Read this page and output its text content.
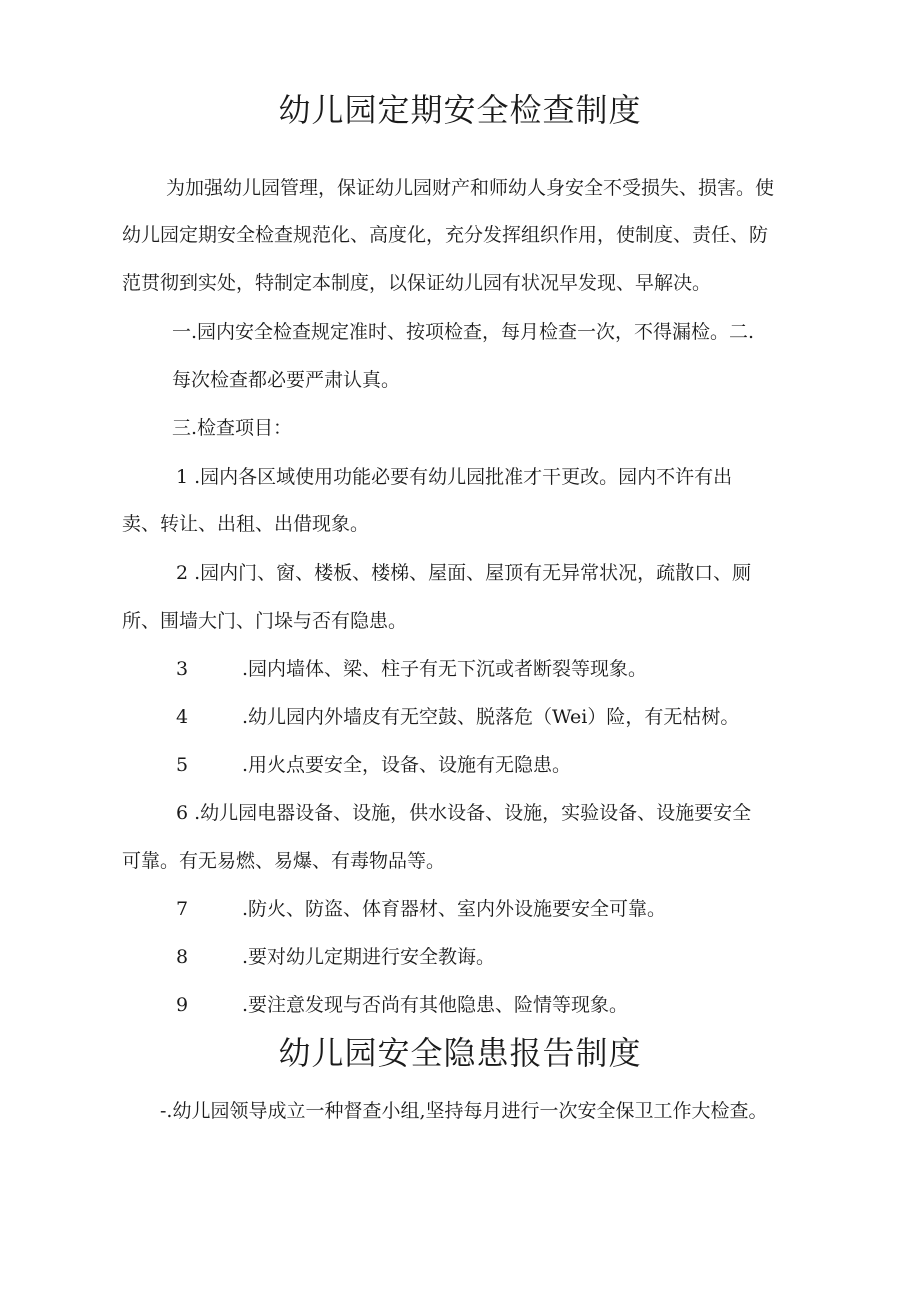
幼儿园定期安全检查制度
为加强幼儿园管理，保证幼儿园财产和师幼人身安全不受损失、损害。使
幼儿园定期安全检查规范化、高度化，充分发挥组织作用，使制度、责任、防
范贯彻到实处，特制定本制度，以保证幼儿园有状况早发现、早解决。
一.园内安全检查规定准时、按项检查，每月检查一次，不得漏检。二.
每次检查都必要严肃认真。
三.检查项目：
1 .园内各区域使用功能必要有幼儿园批准才干更改。园内不许有出
卖、转让、出租、出借现象。
2 .园内门、窗、楼板、楼梯、屋面、屋顶有无异常状况，疏散口、厕
所、围墙大门、门垛与否有隐患。
3	.园内墙体、梁、柱子有无下沉或者断裂等现象。
4	.幼儿园内外墙皮有无空鼓、脱落危（Wei）险，有无枯树。
5	.用火点要安全，设备、设施有无隐患。
6 .幼儿园电器设备、设施，供水设备、设施，实验设备、设施要安全
可靠。有无易燃、易爆、有毒物品等。
7	.防火、防盗、体育器材、室内外设施要安全可靠。
8	.要对幼儿定期进行安全教诲。
9	.要注意发现与否尚有其他隐患、险情等现象。
幼儿园安全隐患报告制度
-.幼儿园领导成立一种督查小组,坚持每月进行一次安全保卫工作大检查。
